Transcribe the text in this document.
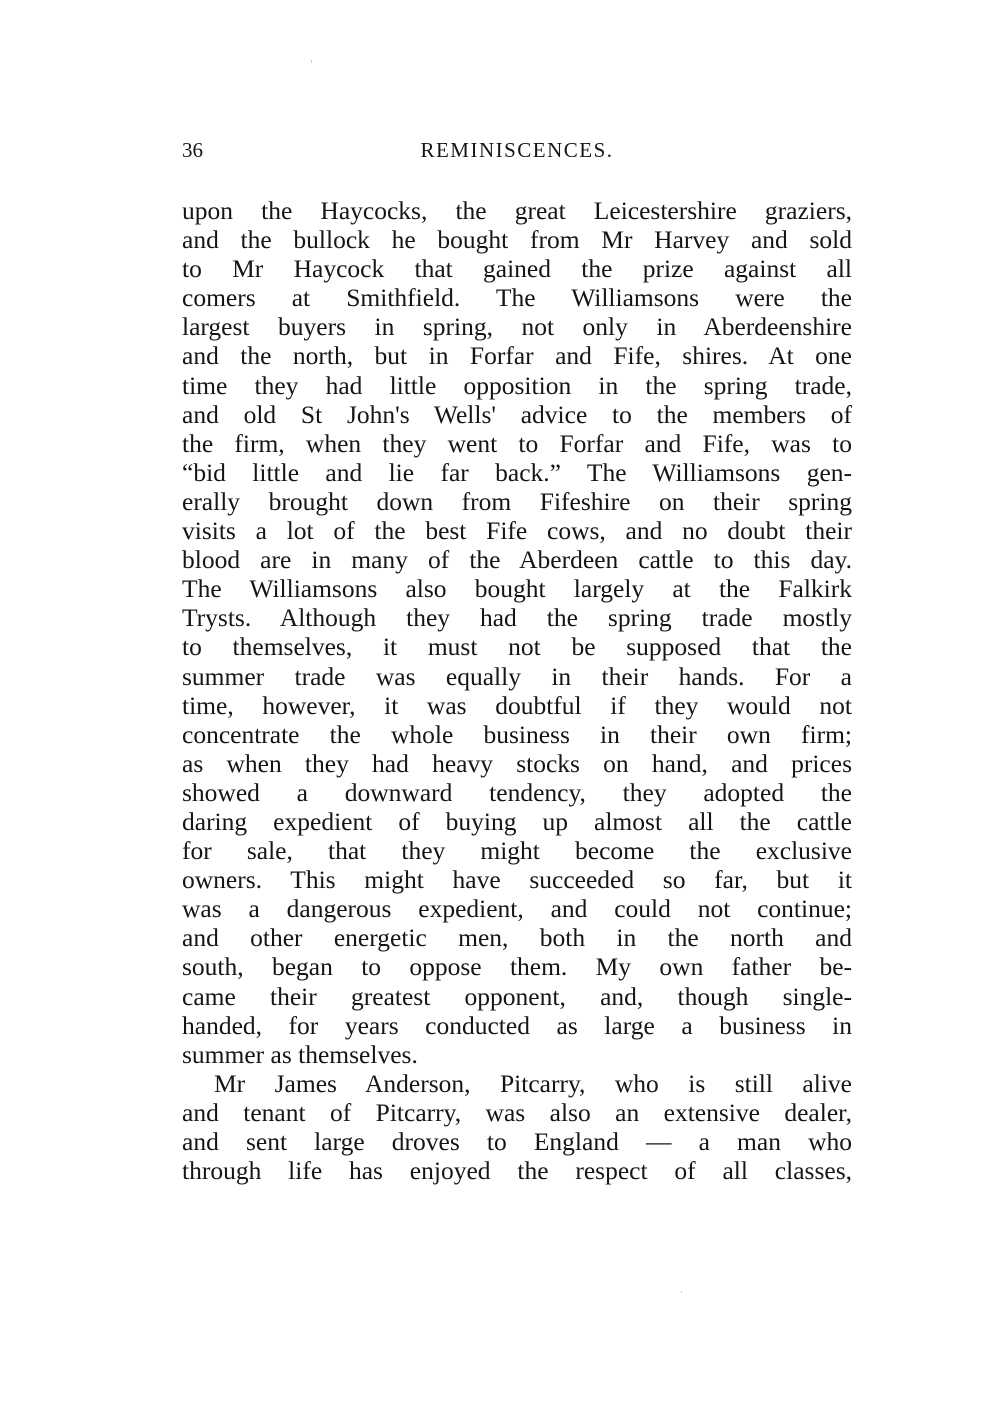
36	REMINISCENCES.
upon the Haycocks, the great Leicestershire graziers,
and the bullock he bought from Mr Harvey and sold
to Mr Haycock that gained the prize against all
comers at Smithfield. The Williamsons were the
largest buyers in spring, not only in Aberdeenshire
and the north, but in Forfar and Fife, shires. At one
time they had little opposition in the spring trade,
and old St John's Wells' advice to the members of
the firm, when they went to Forfar and Fife, was to
“bid little and lie far back.” The Williamsons gen-
erally brought down from Fifeshire on their spring
visits a lot of the best Fife cows, and no doubt their
blood are in many of the Aberdeen cattle to this day.
The Williamsons also bought largely at the Falkirk
Trysts. Although they had the spring trade mostly
to themselves, it must not be supposed that the
summer trade was equally in their hands. For a
time, however, it was doubtful if they would not
concentrate the whole business in their own firm;
as when they had heavy stocks on hand, and prices
showed a downward tendency, they adopted the
daring expedient of buying up almost all the cattle
for sale, that they might become the exclusive
owners. This might have succeeded so far, but it
was a dangerous expedient, and could not continue;
and other energetic men, both in the north and
south, began to oppose them. My own father be-
came their greatest opponent, and, though single-
handed, for years conducted as large a business in
summer as themselves.
Mr James Anderson, Pitcarry, who is still alive
and tenant of Pitcarry, was also an extensive dealer,
and sent large droves to England — a man who
through life has enjoyed the respect of all classes,
˙
